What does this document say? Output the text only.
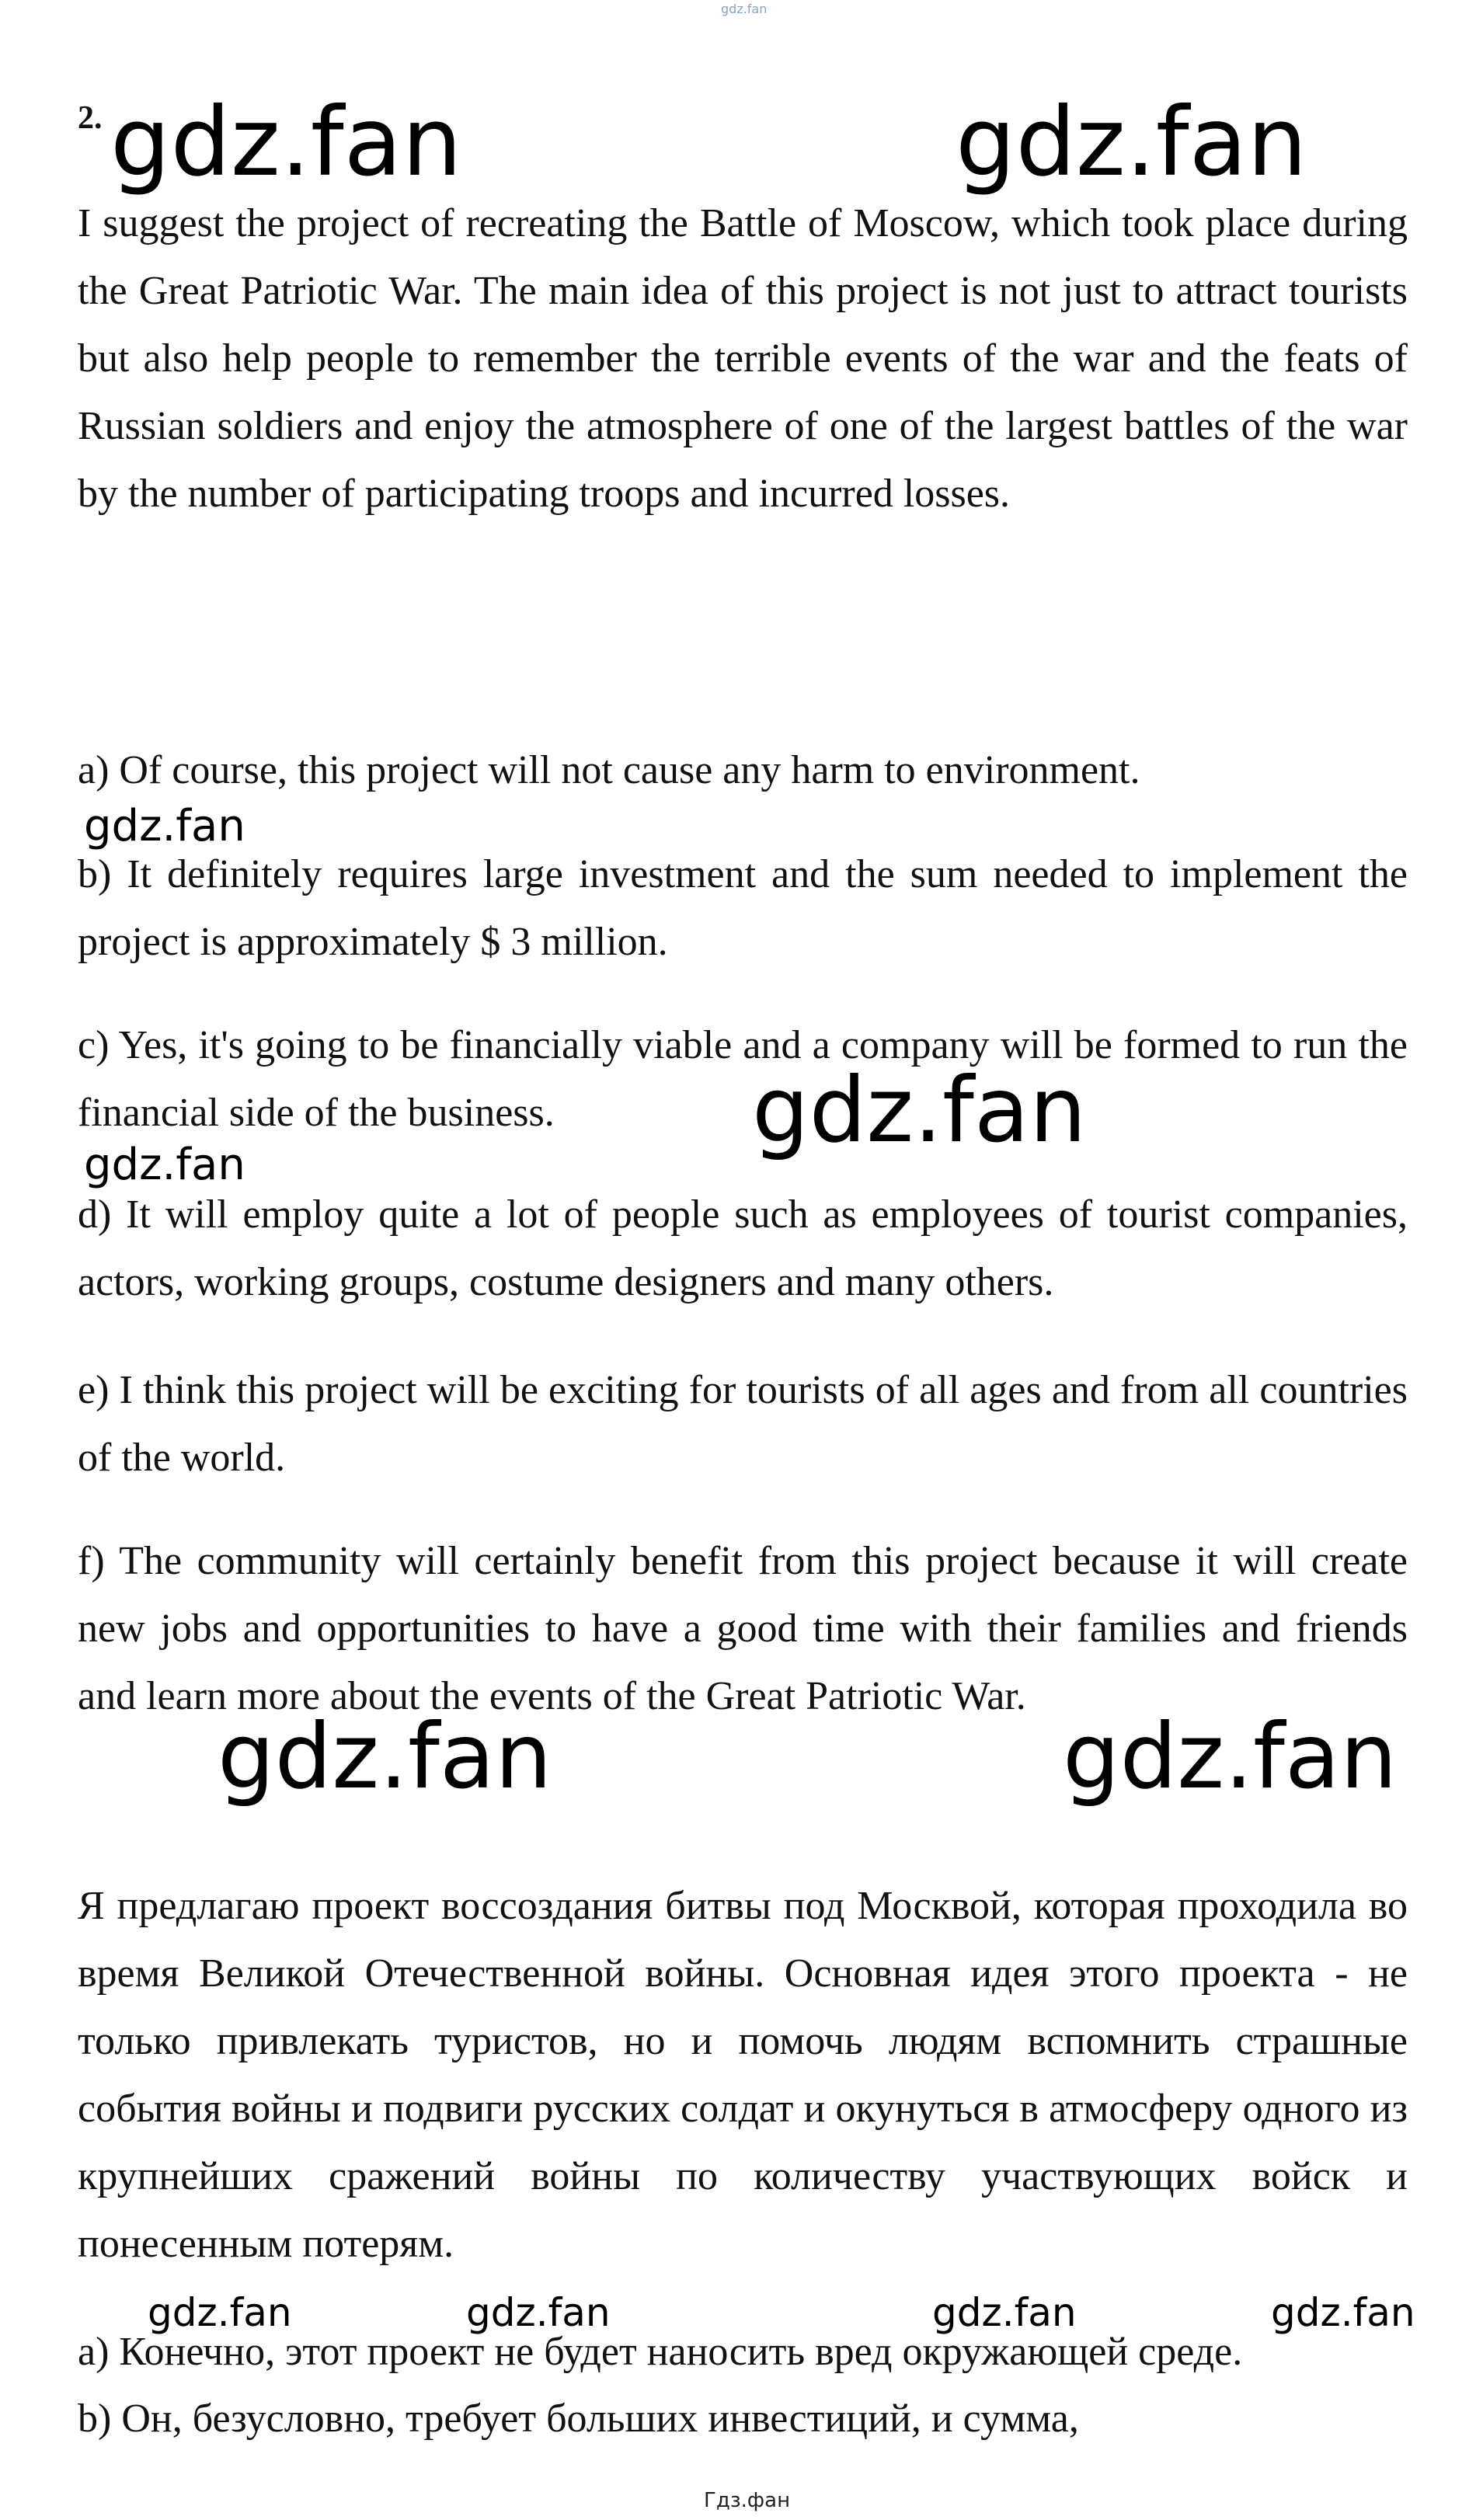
gdz.fan
2. gdz.fan	gdz.fan

I suggest the project of recreating the Battle of Moscow, which took place during the Great Patriotic War. The main idea of this project is not just to attract tourists but also help people to remember the terrible events of the war and the feats of Russian soldiers and enjoy the atmosphere of one of the largest battles of the war by the number of participating troops and incurred losses.

a) Of course, this project will not cause any harm to environment.

gdz.fan

b) It definitely requires large investment and the sum needed to implement the project is approximately $ 3 million.

c) Yes, it's going to be financially viable and a company will be formed to run the financial side of the business.	gdz.fan
gdz.fan

d) It will employ quite a lot of people such as employees of tourist companies, actors, working groups, costume designers and many others.

e) I think this project will be exciting for tourists of all ages and from all countries of the world.

f) The community will certainly benefit from this project because it will create new jobs and opportunities to have a good time with their families and friends and learn more about the events of the Great Patriotic War.

gdz.fan	gdz.fan

Я предлагаю проект воссоздания битвы под Москвой, которая проходила во время Великой Отечественной войны. Основная идея этого проекта - не только привлекать туристов, но и помочь людям вспомнить страшные события войны и подвиги русских солдат и окунуться в атмосферу одного из крупнейших сражений войны по количеству участвующих войск и понесенным потерям.

gdz.fan	gdz.fan	gdz.fan	gdz.fan

a) Конечно, этот проект не будет наносить вред окружающей среде.

b) Он, безусловно, требует больших инвестиций, и сумма,

Гдз.фан
